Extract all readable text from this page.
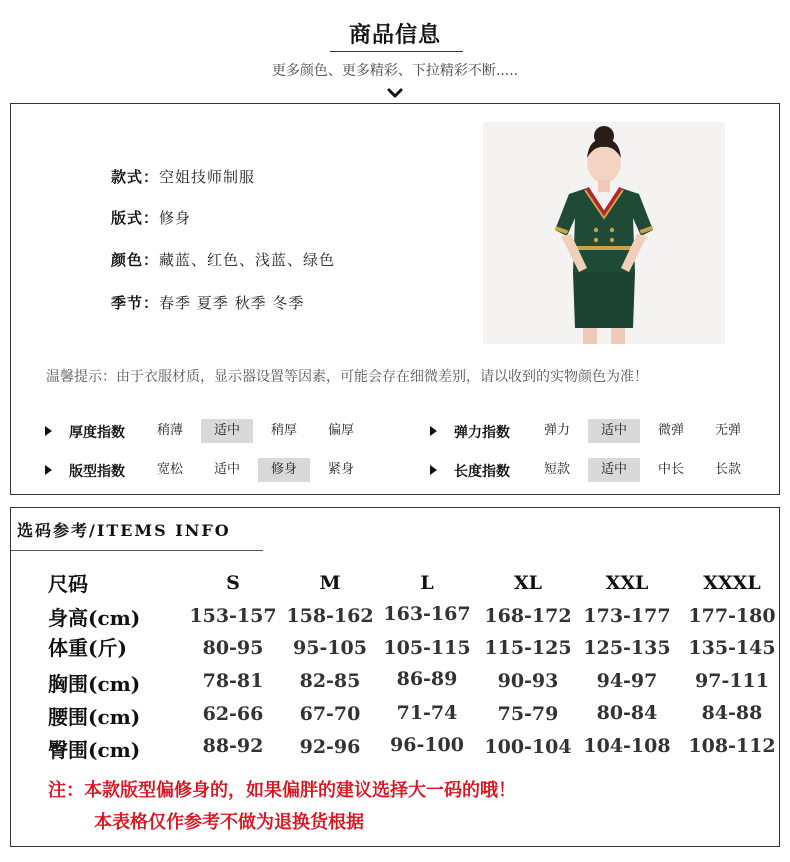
商品信息
更多颜色、更多精彩、下拉精彩不断.....
款式：空姐技师制服
版式：修身
颜色：藏蓝、红色、浅蓝、绿色
季节：春季 夏季 秋季 冬季
温馨提示：由于衣服材质，显示器设置等因素，可能会存在细微差别，请以收到的实物颜色为准！
厚度指数	稍薄	适中	稍厚	偏厚	弹力指数	弹力	适中	微弹	无弹
版型指数	宽松	适中	修身	紧身	长度指数	短款	适中	中长	长款
选码参考/ITEMS INFO
尺码	S	M	L	XL	XXL	XXXL
身高(cm)	153-157 158-162 163-167 168-172 173-177 177-180
体重(斤)	80-95	95-105 105-115 115-125 125-135 135-145
胸围(cm)	78-81	82-85	86-89	90-93	94-97	97-111
腰围(cm)	62-66	67-70	71-74	75-79	80-84	84-88
臀围(cm)	88-92	92-96	96-100	100-104 104-108 108-112
注：本款版型偏修身的，如果偏胖的建议选择大一码的哦！
本表格仅作参考不做为退换货根据
